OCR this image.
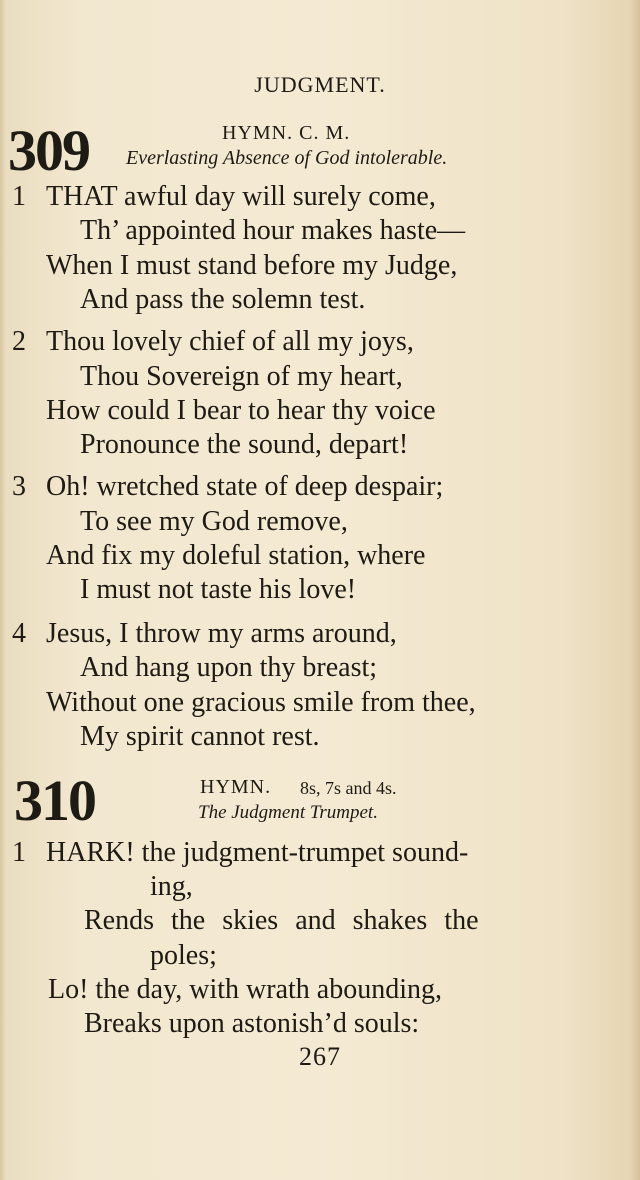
JUDGMENT.
309	HYMN. C. M.
Everlasting Absence of God intolerable.
1 THAT awful day will surely come,
Th’ appointed hour makes haste—
When I must stand before my Judge,
And pass the solemn test.
2 Thou lovely chief of all my joys,
Thou Sovereign of my heart,
How could I bear to hear thy voice
Pronounce the sound, depart!
3 Oh! wretched state of deep despair;
To see my God remove,
And fix my doleful station, where
I must not taste his love!
4 Jesus, I throw my arms around,
And hang upon thy breast;
Without one gracious smile from thee,
My spirit cannot rest.
310	HYMN. 8s, 7s and 4s.
The Judgment Trumpet.
1 HARK! the judgment-trumpet sound-
ing,
Rends the skies and shakes the
poles;
Lo! the day, with wrath abounding,
Breaks upon astonish’d souls:
267
